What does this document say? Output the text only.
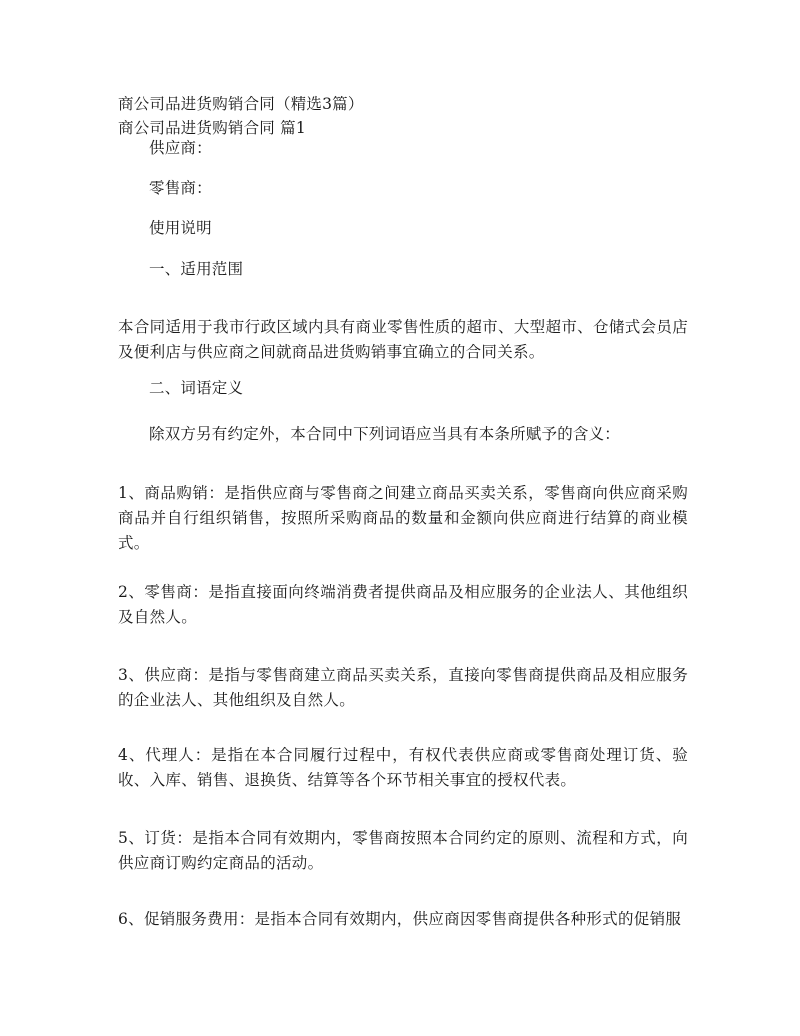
商公司品进货购销合同（精选3篇）
商公司品进货购销合同 篇1
供应商：
零售商：
使用说明
一、适用范围
本合同适用于我市行政区域内具有商业零售性质的超市、大型超市、仓储式会员店及便利店与供应商之间就商品进货购销事宜确立的合同关系。
二、词语定义
除双方另有约定外，本合同中下列词语应当具有本条所赋予的含义：
1、商品购销：是指供应商与零售商之间建立商品买卖关系，零售商向供应商采购商品并自行组织销售，按照所采购商品的数量和金额向供应商进行结算的商业模式。
2、零售商：是指直接面向终端消费者提供商品及相应服务的企业法人、其他组织及自然人。
3、供应商：是指与零售商建立商品买卖关系，直接向零售商提供商品及相应服务的企业法人、其他组织及自然人。
4、代理人：是指在本合同履行过程中，有权代表供应商或零售商处理订货、验收、入库、销售、退换货、结算等各个环节相关事宜的授权代表。
5、订货：是指本合同有效期内，零售商按照本合同约定的原则、流程和方式，向供应商订购约定商品的活动。
6、促销服务费用：是指本合同有效期内，供应商因零售商提供各种形式的促销服
